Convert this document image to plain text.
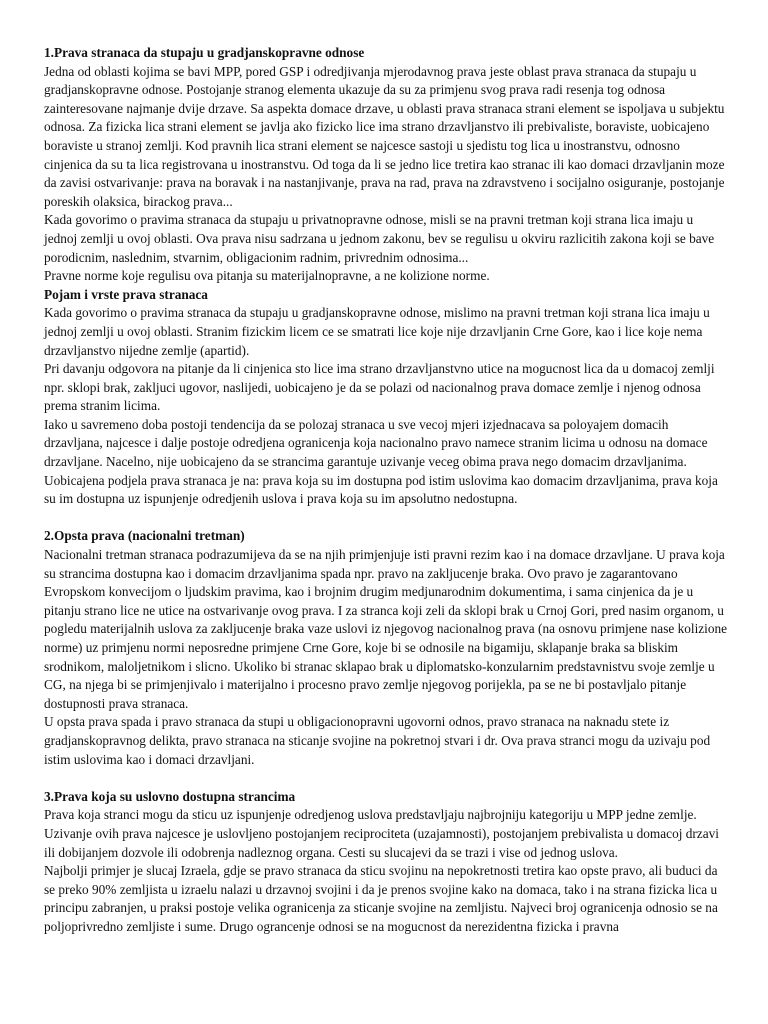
1.Prava stranaca da stupaju u gradjanskopravne odnose

Jedna od oblasti kojima se bavi MPP, pored GSP i odredjivanja mjerodavnog prava jeste oblast prava stranaca da stupaju u gradjanskopravne odnose. Postojanje stranog elementa ukazuje da su za primjenu svog prava radi resenja tog odnosa zainteresovane najmanje dvije drzave. Sa aspekta domace drzave, u oblasti prava stranaca strani element se ispoljava u subjektu odnosa. Za fizicka lica strani element se javlja ako fizicko lice ima strano drzavljanstvo ili prebivaliste, boraviste, uobicajeno boraviste u stranoj zemlji. Kod pravnih lica strani element se najcesce sastoji u sjedistu tog lica u inostranstvu, odnosno cinjenica da su ta lica registrovana u inostranstvu. Od toga da li se jedno lice tretira kao stranac ili kao domaci drzavljanin moze da zavisi ostvarivanje: prava na boravak i na nastanjivanje, prava na rad, prava na zdravstveno i socijalno osiguranje, postojanje poreskih olaksica, birackog prava...

Kada govorimo o pravima stranaca da stupaju u privatnopravne odnose, misli se na pravni tretman koji strana lica imaju u jednoj zemlji u ovoj oblasti. Ova prava nisu sadrzana u jednom zakonu, bev se regulisu u okviru razlicitih zakona koji se bave porodicnim, naslednim, stvarnim, obligacionim radnim, privrednim odnosima...

Pravne norme koje regulisu ova pitanja su materijalnopravne, a ne kolizione norme.

Pojam i vrste prava stranaca

Kada govorimo o pravima stranaca da stupaju u gradjanskopravne odnose, mislimo na pravni tretman koji strana lica imaju u jednoj zemlji u ovoj oblasti. Stranim fizickim licem ce se smatrati lice koje nije drzavljanin Crne Gore, kao i lice koje nema drzavljanstvo nijedne zemlje (apartid).

Pri davanju odgovora na pitanje da li cinjenica sto lice ima strano drzavljanstvno utice na mogucnost lica da u domacoj zemlji npr. sklopi brak, zakljuci ugovor, naslijedi, uobicajeno je da se polazi od nacionalnog prava domace zemlje i njenog odnosa prema stranim licima.

Iako u savremeno doba postoji tendencija da se polozaj stranaca u sve vecoj mjeri izjednacava sa poloyajem domacih drzavljana, najcesce i dalje postoje odredjena ogranicenja koja nacionalno pravo namece stranim licima u odnosu na domace drzavljane. Nacelno, nije uobicajeno da se strancima garantuje uzivanje veceg obima prava nego domacim drzavljanima.

Uobicajena podjela prava stranaca je na: prava koja su im dostupna pod istim uslovima kao domacim drzavljanima, prava koja su im dostupna uz ispunjenje odredjenih uslova i prava koja su im apsolutno nedostupna.

2.Opsta prava (nacionalni tretman)

Nacionalni tretman stranaca podrazumijeva da se na njih primjenjuje isti pravni rezim kao i na domace drzavljane. U prava koja su strancima dostupna kao i domacim drzavljanima spada npr. pravo na zakljucenje braka. Ovo pravo je zagarantovano Evropskom konvecijom o ljudskim pravima, kao i brojnim drugim medjunarodnim dokumentima, i sama cinjenica da je u pitanju strano lice ne utice na ostvarivanje ovog prava. I za stranca koji zeli da sklopi brak u Crnoj Gori, pred nasim organom, u pogledu materijalnih uslova za zakljucenje braka vaze uslovi iz njegovog nacionalnog prava (na osnovu primjene nase kolizione norme) uz primjenu normi neposredne primjene Crne Gore, koje bi se odnosile na bigamiju, sklapanje braka sa bliskim srodnikom, maloljetnikom i slicno. Ukoliko bi stranac sklapao brak u diplomatsko-konzularnim predstavnistvu svoje zemlje u CG, na njega bi se primjenjivalo i materijalno i procesno pravo zemlje njegovog porijekla, pa se ne bi postavljalo pitanje dostupnosti prava stranaca.

U opsta prava spada i pravo stranaca da stupi u obligacionopravni ugovorni odnos, pravo stranaca na naknadu stete iz gradjanskopravnog delikta, pravo stranaca na sticanje svojine na pokretnoj stvari i dr. Ova prava stranci mogu da uzivaju pod istim uslovima kao i domaci drzavljani.

3.Prava koja su uslovno dostupna strancima

Prava koja stranci mogu da sticu uz ispunjenje odredjenog uslova predstavljaju najbrojniju kategoriju u MPP jedne zemlje. Uzivanje ovih prava najcesce je uslovljeno postojanjem reciprociteta (uzajamnosti), postojanjem prebivalista u domacoj drzavi ili dobijanjem dozvole ili odobrenja nadleznog organa. Cesti su slucajevi da se trazi i vise od jednog uslova.

Najbolji primjer je slucaj Izraela, gdje se pravo stranaca da sticu svojinu na nepokretnosti tretira kao opste pravo, ali buduci da se preko 90% zemljista u izraelu nalazi u drzavnoj svojini i da je prenos svojine kako na domaca, tako i na strana fizicka lica u principu zabranjen, u praksi postoje velika ogranicenja za sticanje svojine na zemljistu. Najveci broj ogranicenja odnosio se na poljoprivredno zemljiste i sume. Drugo ograncenje odnosi se na mogucnost da nerezidentna fizicka i pravna
